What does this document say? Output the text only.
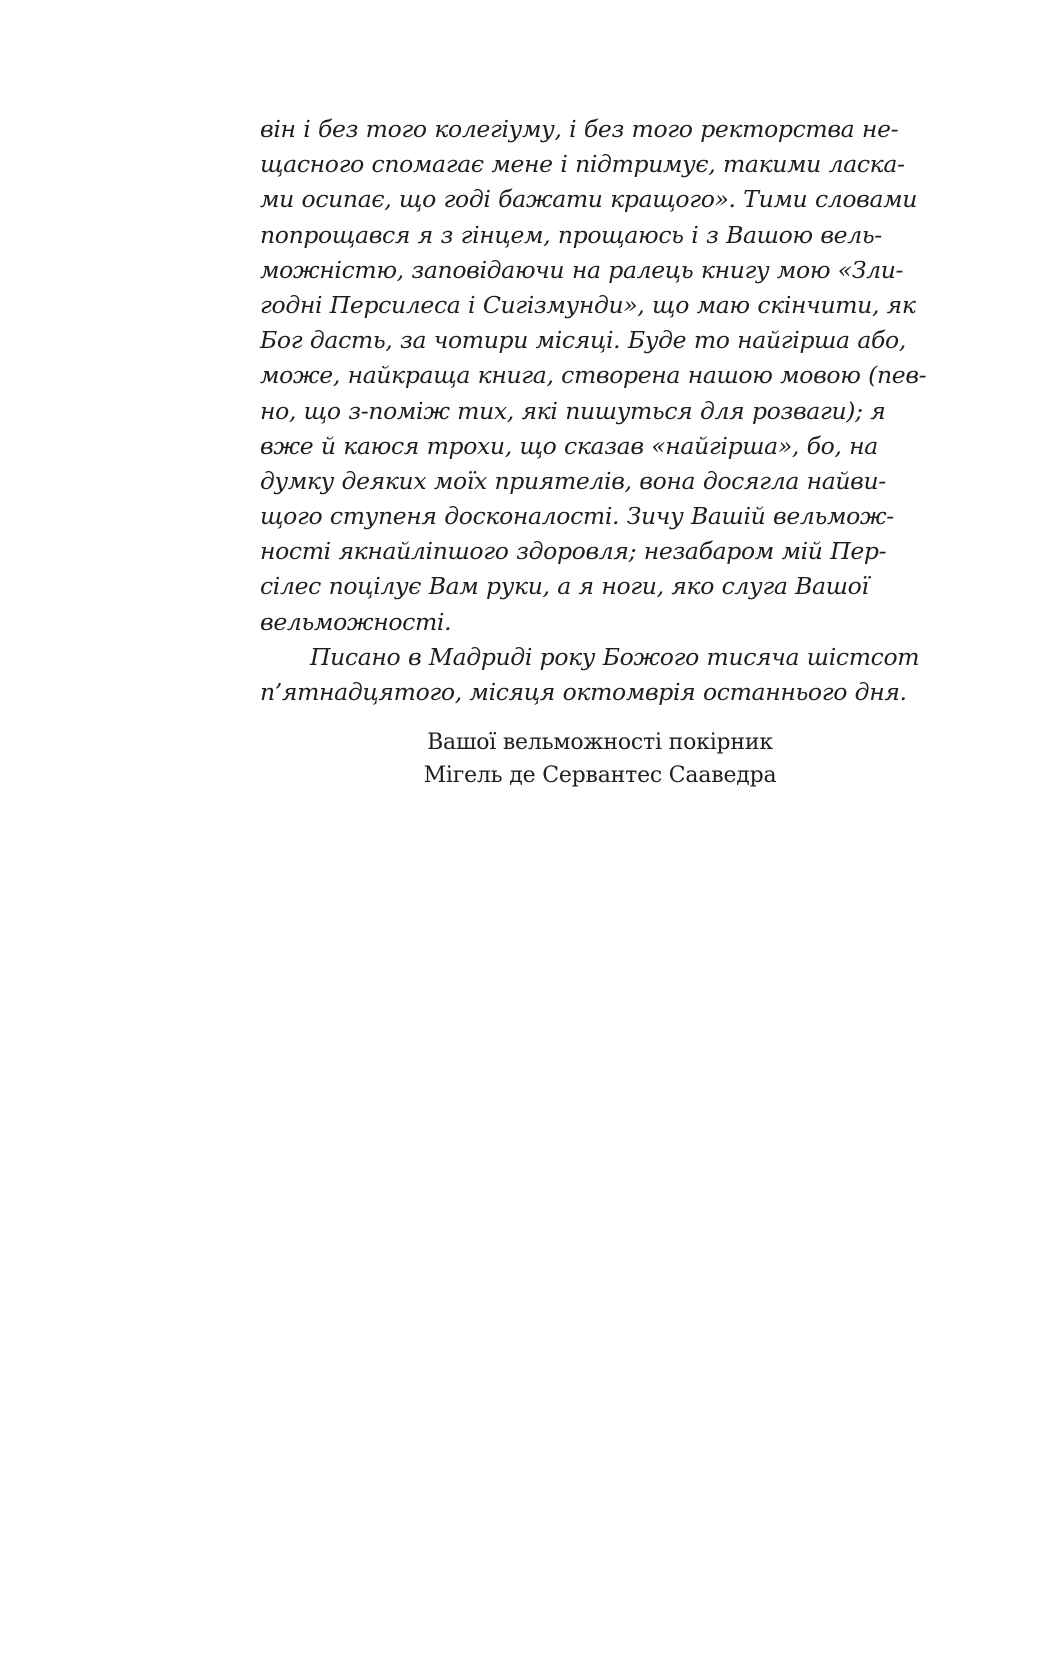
він і без того колегіуму, і без того ректорства не-
щасного спомагає мене і підтримує, такими ласка-
ми осипає, що годі бажати кращого». Тими словами
попрощався я з гінцем, прощаюсь і з Вашою вель-
можністю, заповідаючи на ралець книгу мою «Зли-
годні Персилеса і Сигізмунди», що маю скінчити, як
Бог дасть, за чотири місяці. Буде то найгірша або,
може, найкраща книга, створена нашою мовою (пев-
но, що з-поміж тих, які пишуться для розваги); я
вже й каюся трохи, що сказав «найгірша», бо, на
думку деяких моїх приятелів, вона досягла найви-
щого ступеня досконалості. Зичу Вашій вельмож-
ності якнайліпшого здоровля; незабаром мій Пер-
сілес поцілує Вам руки, а я ноги, яко слуга Вашої
вельможності.
Писано в Мадриді року Божого тисяча шістсот
п’ятнадцятого, місяця октомврія останнього дня.
Вашої вельможності покірник
Мігель де Сервантес Сааведра
